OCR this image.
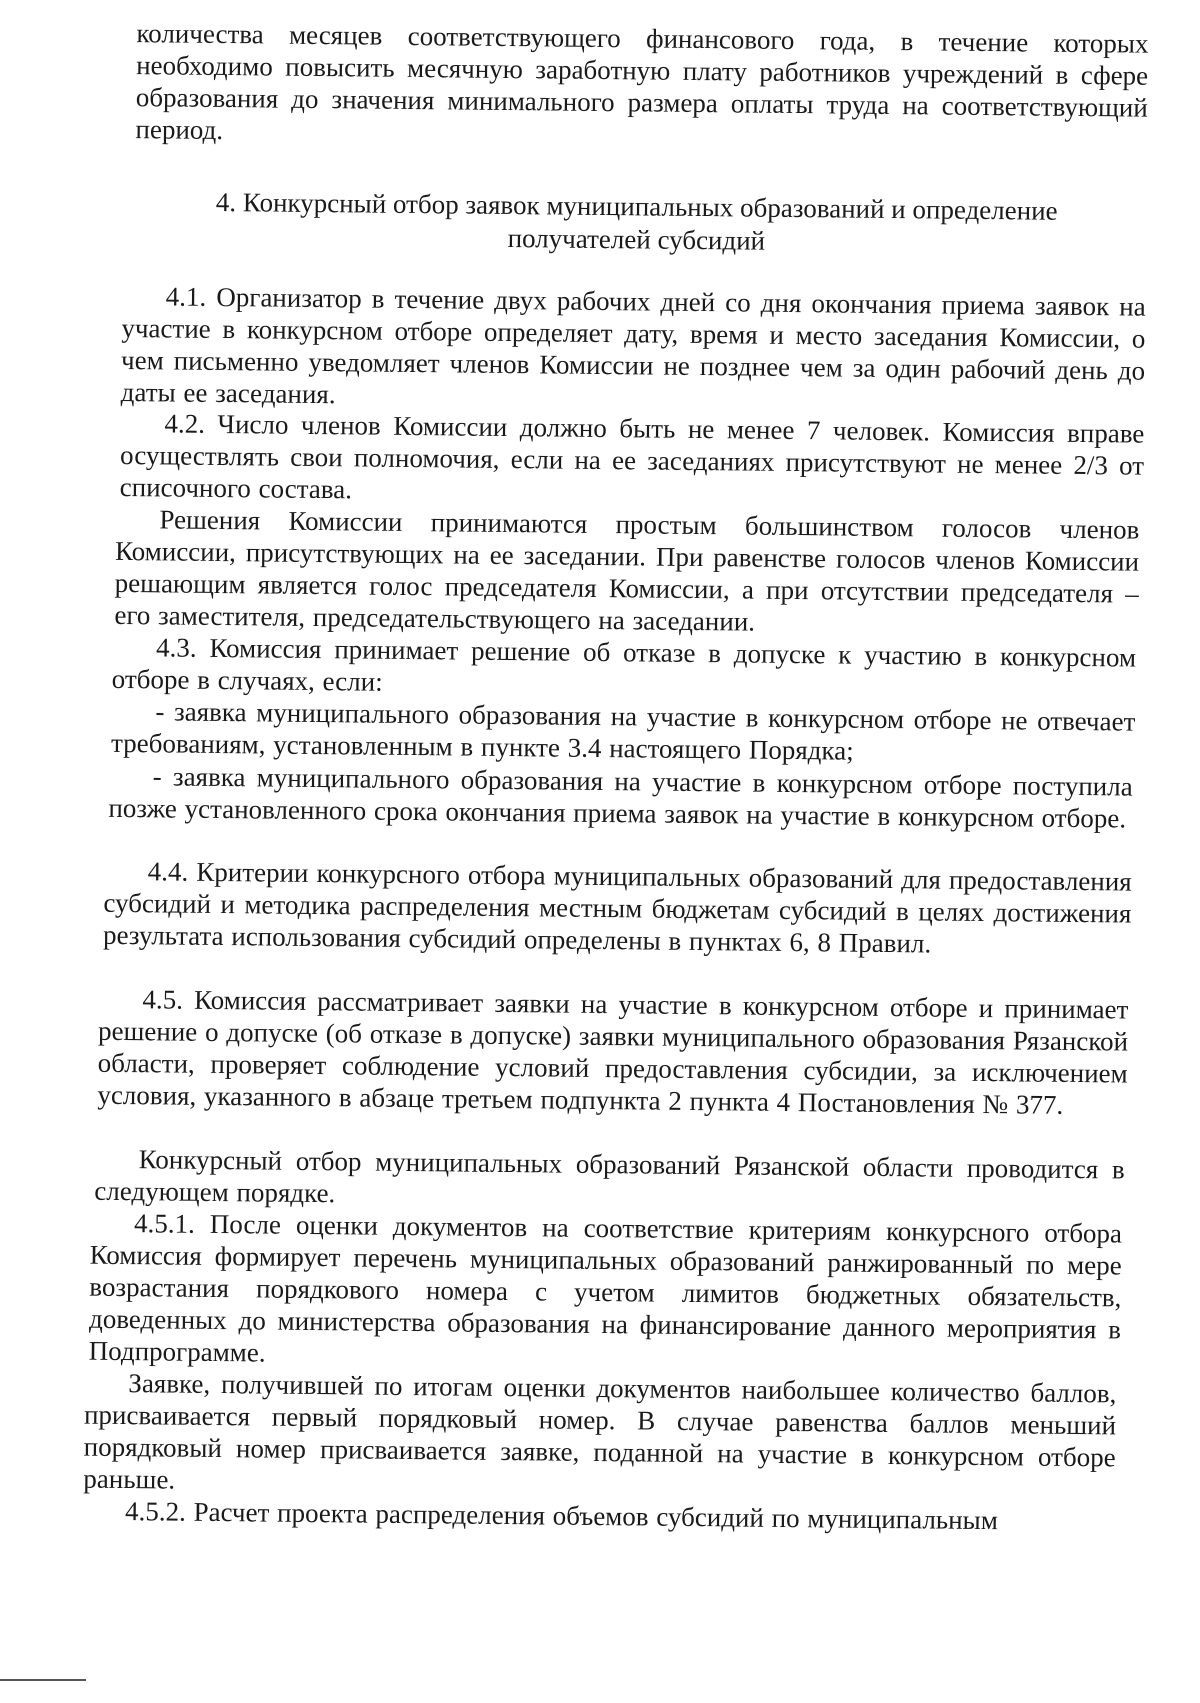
количества месяцев соответствующего финансового года, в течение которых необходимо повысить месячную заработную плату работников учреждений в сфере образования до значения минимального размера оплаты труда на соответствующий период.
4. Конкурсный отбор заявок муниципальных образований и определение
получателей субсидий
4.1. Организатор в течение двух рабочих дней со дня окончания приема заявок на участие в конкурсном отборе определяет дату, время и место заседания Комиссии, о чем письменно уведомляет членов Комиссии не позднее чем за один рабочий день до даты ее заседания.
4.2. Число членов Комиссии должно быть не менее 7 человек. Комиссия вправе осуществлять свои полномочия, если на ее заседаниях присутствуют не менее 2/3 от списочного состава.
Решения Комиссии принимаются простым большинством голосов членов Комиссии, присутствующих на ее заседании. При равенстве голосов членов Комиссии решающим является голос председателя Комиссии, а при отсутствии председателя – его заместителя, председательствующего на заседании.
4.3. Комиссия принимает решение об отказе в допуске к участию в конкурсном отборе в случаях, если:
- заявка муниципального образования на участие в конкурсном отборе не отвечает требованиям, установленным в пункте 3.4 настоящего Порядка;
- заявка муниципального образования на участие в конкурсном отборе поступила позже установленного срока окончания приема заявок на участие в конкурсном отборе.
4.4. Критерии конкурсного отбора муниципальных образований для предоставления субсидий и методика распределения местным бюджетам субсидий в целях достижения результата использования субсидий определены в пунктах 6, 8 Правил.
4.5. Комиссия рассматривает заявки на участие в конкурсном отборе и принимает решение о допуске (об отказе в допуске) заявки муниципального образования Рязанской области, проверяет соблюдение условий предоставления субсидии, за исключением условия, указанного в абзаце третьем подпункта 2 пункта 4 Постановления № 377.
Конкурсный отбор муниципальных образований Рязанской области проводится в следующем порядке.
4.5.1. После оценки документов на соответствие критериям конкурсного отбора Комиссия формирует перечень муниципальных образований ранжированный по мере возрастания порядкового номера с учетом лимитов бюджетных обязательств, доведенных до министерства образования на финансирование данного мероприятия в Подпрограмме.
Заявке, получившей по итогам оценки документов наибольшее количество баллов, присваивается первый порядковый номер. В случае равенства баллов меньший порядковый номер присваивается заявке, поданной на участие в конкурсном отборе раньше.
4.5.2. Расчет проекта распределения объемов субсидий по муниципальным
